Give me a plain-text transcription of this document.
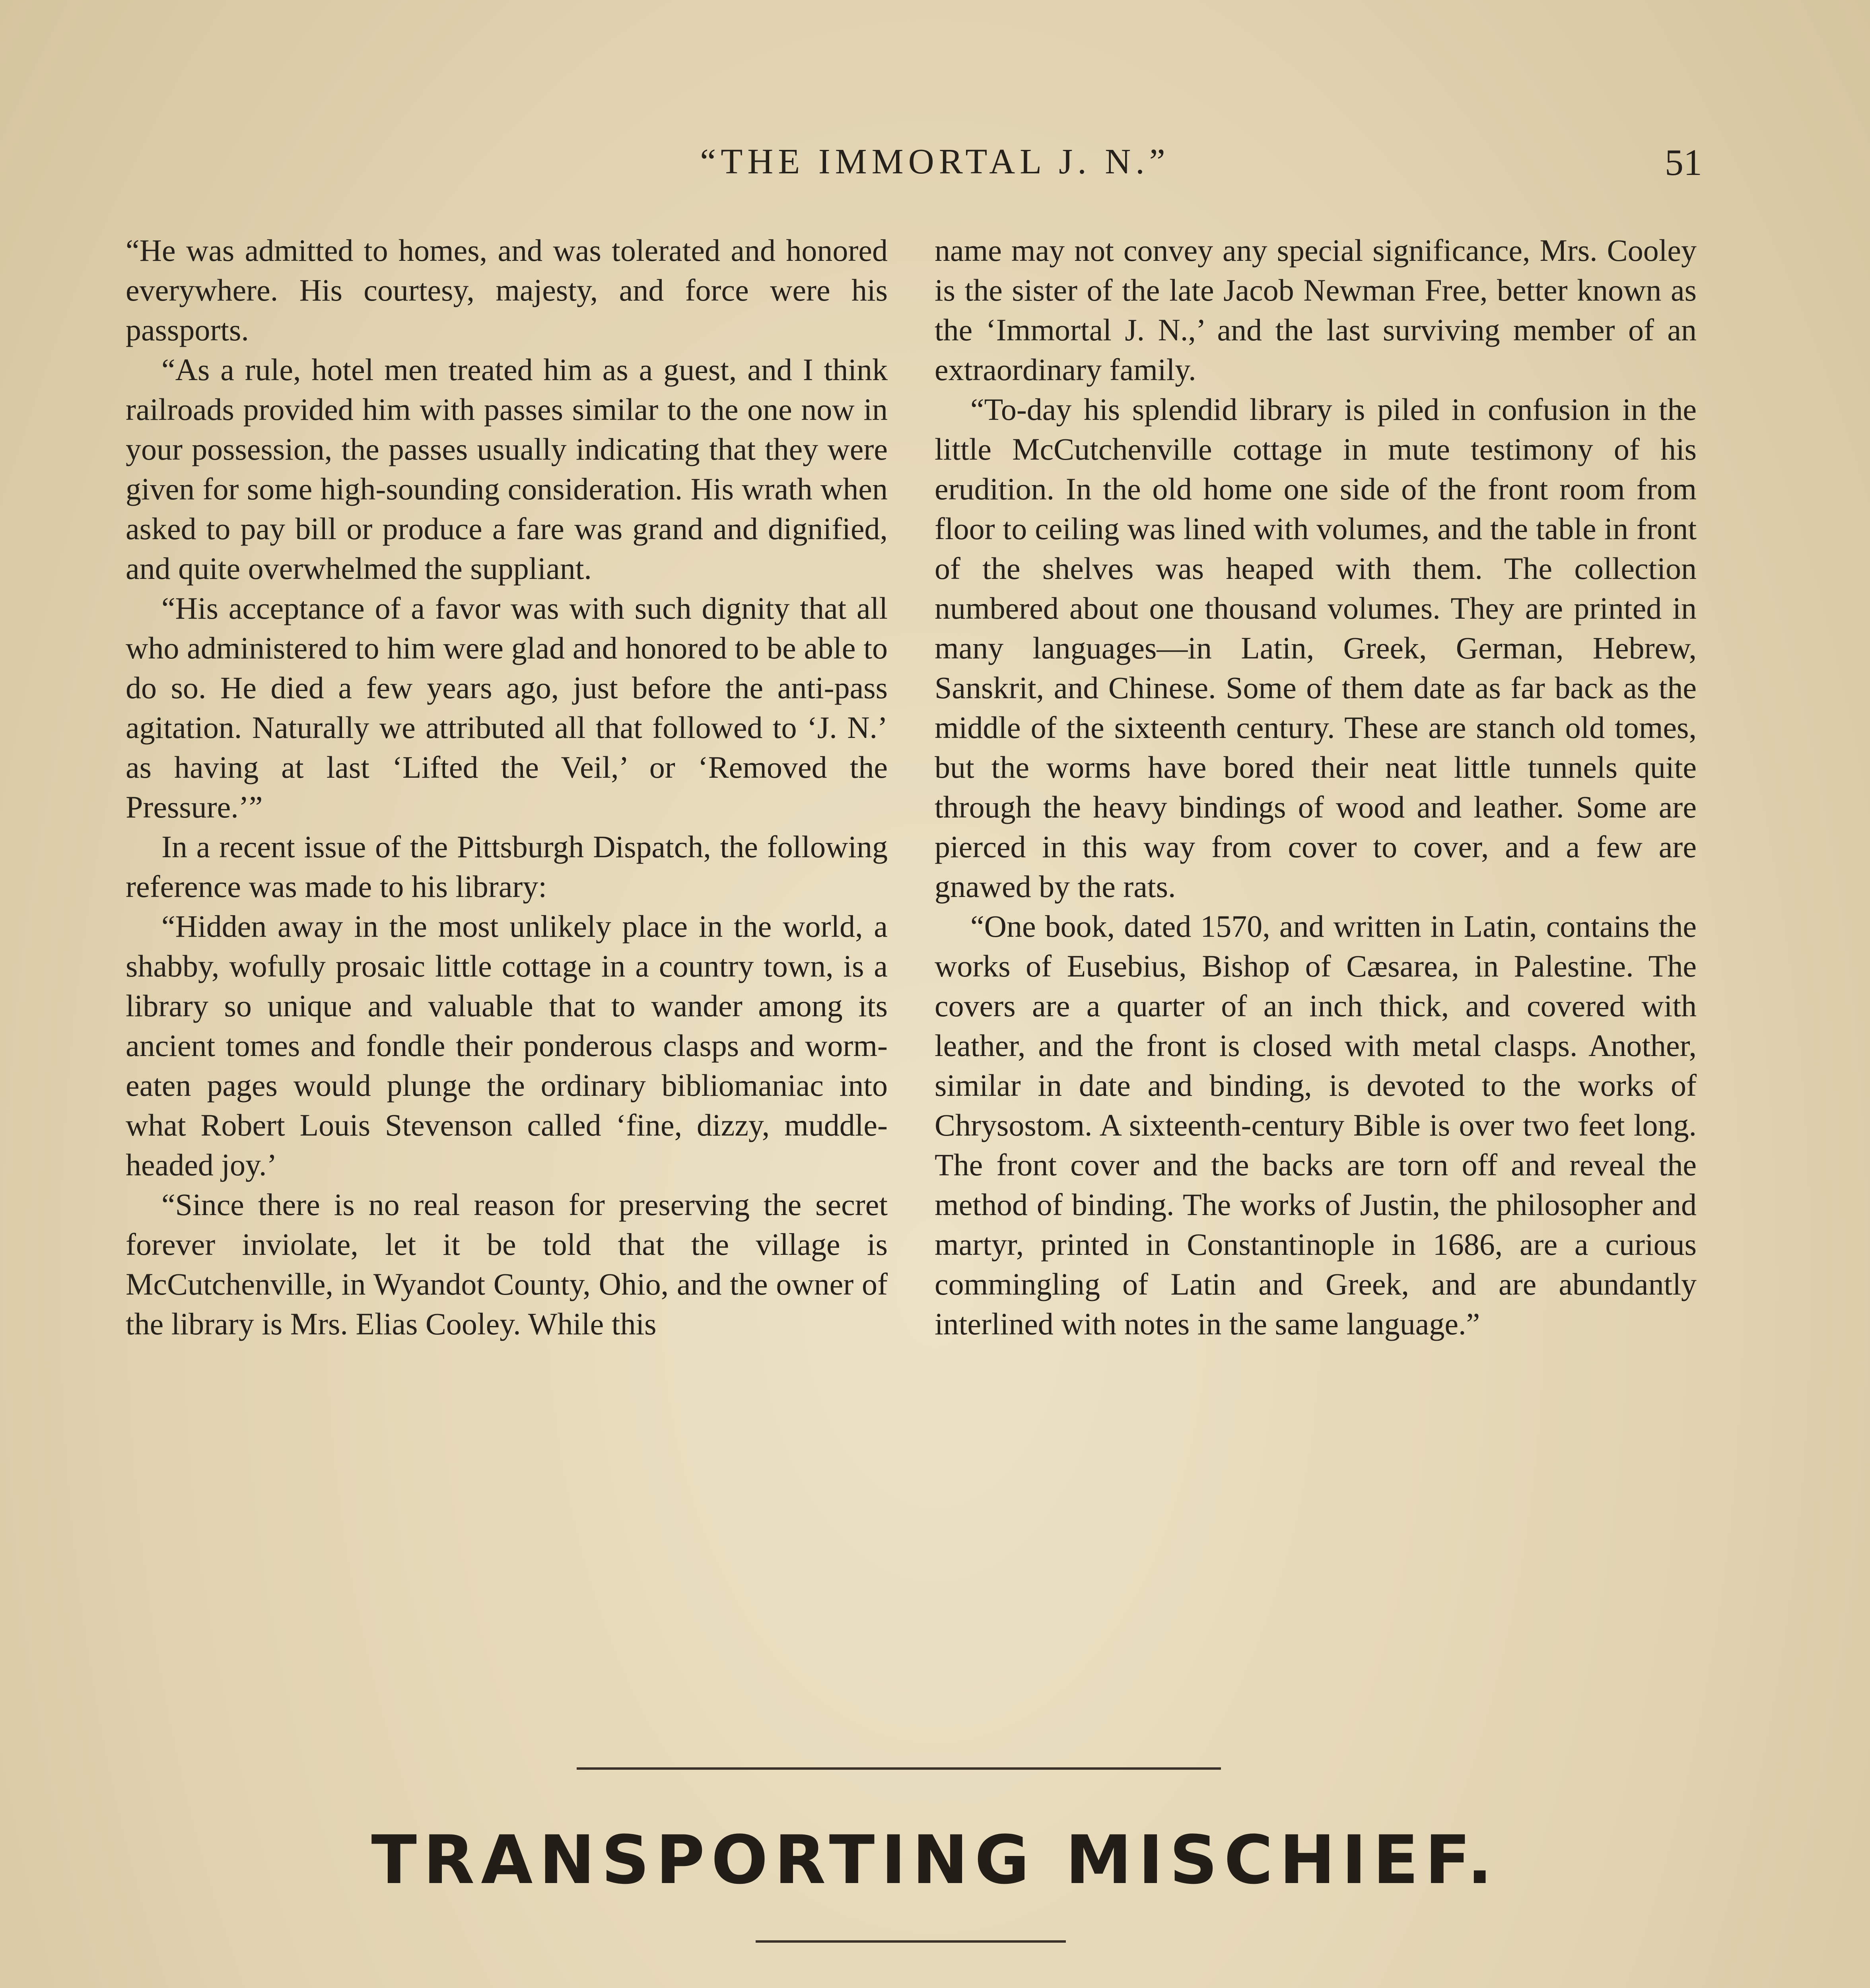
“THE IMMORTAL J. N.”	51

“He was admitted to homes, and was tolerated and honored everywhere. His courtesy, majesty, and force were his passports.

“As a rule, hotel men treated him as a guest, and I think railroads provided him with passes similar to the one now in your possession, the passes usually indicating that they were given for some high-sounding consideration. His wrath when asked to pay bill or produce a fare was grand and dignified, and quite overwhelmed the suppliant.

“His acceptance of a favor was with such dignity that all who administered to him were glad and honored to be able to do so. He died a few years ago, just before the anti-pass agitation. Naturally we attributed all that followed to ‘J. N.’ as having at last ‘Lifted the Veil,’ or ‘Removed the Pressure.’”

In a recent issue of the Pittsburgh Dispatch, the following reference was made to his library:

“Hidden away in the most unlikely place in the world, a shabby, wofully prosaic little cottage in a country town, is a library so unique and valuable that to wander among its ancient tomes and fondle their ponderous clasps and worm-eaten pages would plunge the ordinary bibliomaniac into what Robert Louis Stevenson called ‘fine, dizzy, muddle-headed joy.’

“Since there is no real reason for preserving the secret forever inviolate, let it be told that the village is McCutchenville, in Wyandot County, Ohio, and the owner of the library is Mrs. Elias Cooley. While this

name may not convey any special significance, Mrs. Cooley is the sister of the late Jacob Newman Free, better known as the ‘Immortal J. N.,’ and the last surviving member of an extraordinary family.

“To-day his splendid library is piled in confusion in the little McCutchenville cottage in mute testimony of his erudition. In the old home one side of the front room from floor to ceiling was lined with volumes, and the table in front of the shelves was heaped with them. The collection numbered about one thousand volumes. They are printed in many languages—in Latin, Greek, German, Hebrew, Sanskrit, and Chinese. Some of them date as far back as the middle of the sixteenth century. These are stanch old tomes, but the worms have bored their neat little tunnels quite through the heavy bindings of wood and leather. Some are pierced in this way from cover to cover, and a few are gnawed by the rats.

“One book, dated 1570, and written in Latin, contains the works of Eusebius, Bishop of Cæsarea, in Palestine. The covers are a quarter of an inch thick, and covered with leather, and the front is closed with metal clasps. Another, similar in date and binding, is devoted to the works of Chrysostom. A sixteenth-century Bible is over two feet long. The front cover and the backs are torn off and reveal the method of binding. The works of Justin, the philosopher and martyr, printed in Constantinople in 1686, are a curious commingling of Latin and Greek, and are abundantly interlined with notes in the same language.”

TRANSPORTING MISCHIEF.
